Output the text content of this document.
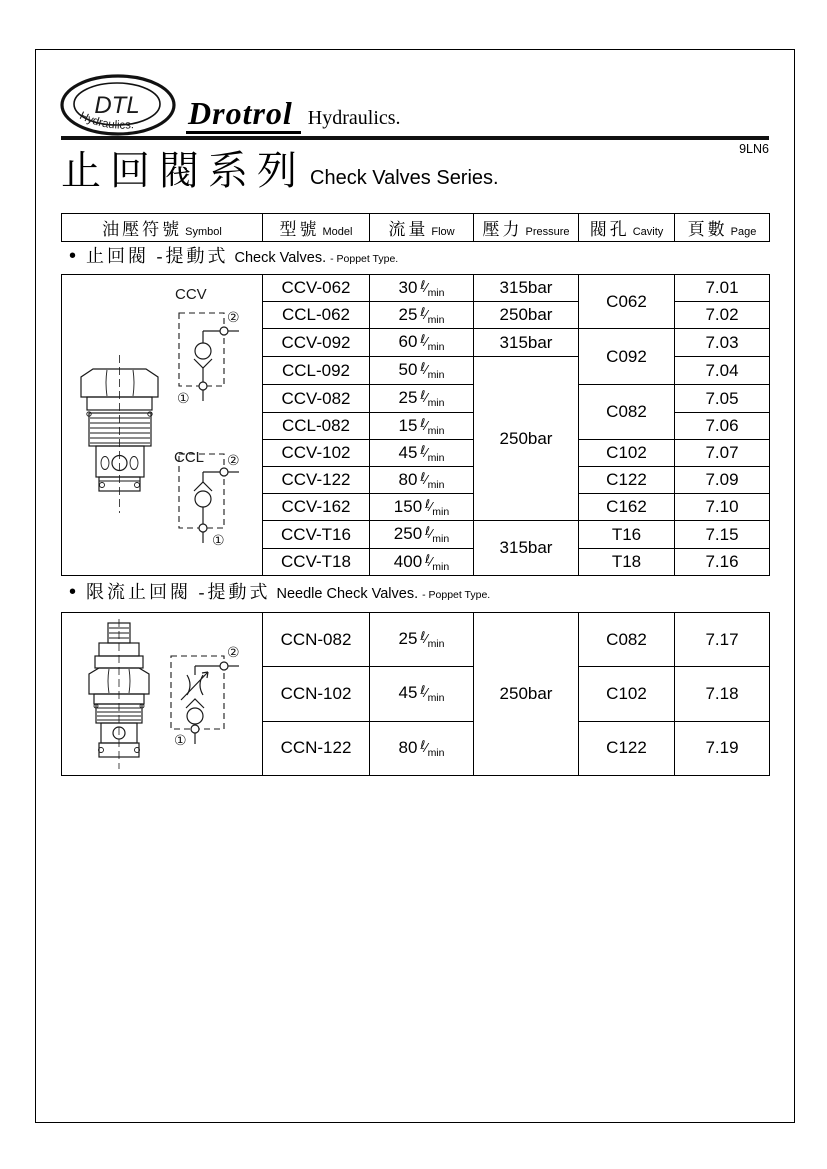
DTL
Hydraulics. Drotrol Hydraulics.
9LN6
止回閥系列 Check Valves Series.
油壓符號 Symbol	型號 Model	流量 Flow	壓力 Pressure	閥孔 Cavity	頁數 Page
• 止回閥 -提動式 Check Valves. - Poppet Type.
CCV
①
②
CCL
①
②
	CCV-062	30 $^\ell$⁄min	315bar	C062	7.01
	CCL-062	25 $^\ell$⁄min	250bar		7.02
	CCV-092	60 $^\ell$⁄min	315bar	C092	7.03
	CCL-092	50 $^\ell$⁄min	250bar		7.04
	CCV-082	25 $^\ell$⁄min		C082	7.05
	CCL-082	15 $^\ell$⁄min			7.06
	CCV-102	45 $^\ell$⁄min		C102	7.07
	CCV-122	80 $^\ell$⁄min		C122	7.09
	CCV-162	150 $^\ell$⁄min		C162	7.10
	CCV-T16	250 $^\ell$⁄min	315bar	T16	7.15
	CCV-T18	400 $^\ell$⁄min		T18	7.16
• 限流止回閥 -提動式 Needle Check Valves. - Poppet Type.
①
②	CCN-082	25 $^\ell$⁄min	250bar	C082	7.17
	CCN-102	45 $^\ell$⁄min		C102	7.18
	CCN-122	80 $^\ell$⁄min		C122	7.19
